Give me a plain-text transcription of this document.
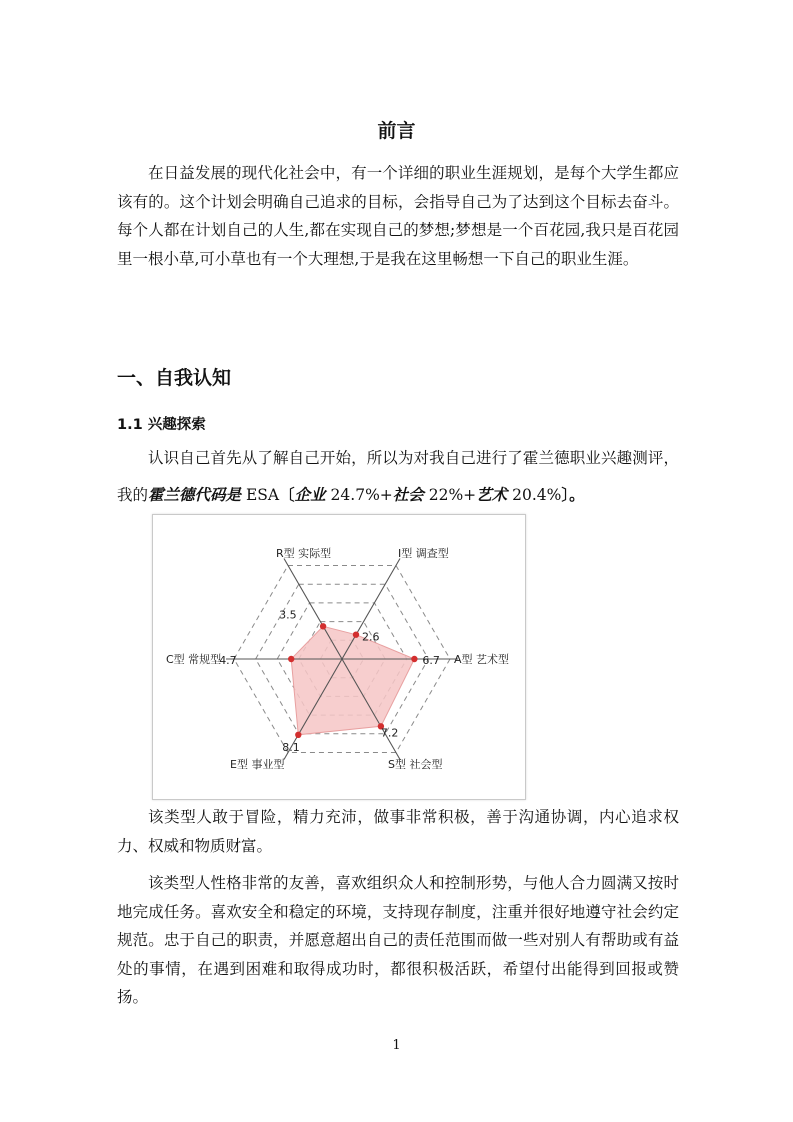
前言

在日益发展的现代化社会中，有一个详细的职业生涯规划，是每个大学生都应该有的。这个计划会明确自己追求的目标，会指导自己为了达到这个目标去奋斗。每个人都在计划自己的人生,都在实现自己的梦想;梦想是一个百花园,我只是百花园里一根小草,可小草也有一个大理想,于是我在这里畅想一下自己的职业生涯。

一、自我认知
1.1 兴趣探索

认识自己首先从了解自己开始，所以为对我自己进行了霍兰德职业兴趣测评，我的霍兰德代码是 ESA〔企业 24.7%+社会 22%+艺术 20.4%〕。

3.5
2.6
6.7
7.2
8.1
4.7
R型 实际型	I型 调查型
A型 艺术型
S型 社会型
E型 事业型
C型 常规型

该类型人敢于冒险，精力充沛，做事非常积极，善于沟通协调，内心追求权力、权威和物质财富。

该类型人性格非常的友善，喜欢组织众人和控制形势，与他人合力圆满又按时地完成任务。喜欢安全和稳定的环境，支持现存制度，注重并很好地遵守社会约定规范。忠于自己的职责，并愿意超出自己的责任范围而做一些对别人有帮助或有益处的事情，在遇到困难和取得成功时，都很积极活跃，希望付出能得到回报或赞扬。

1
